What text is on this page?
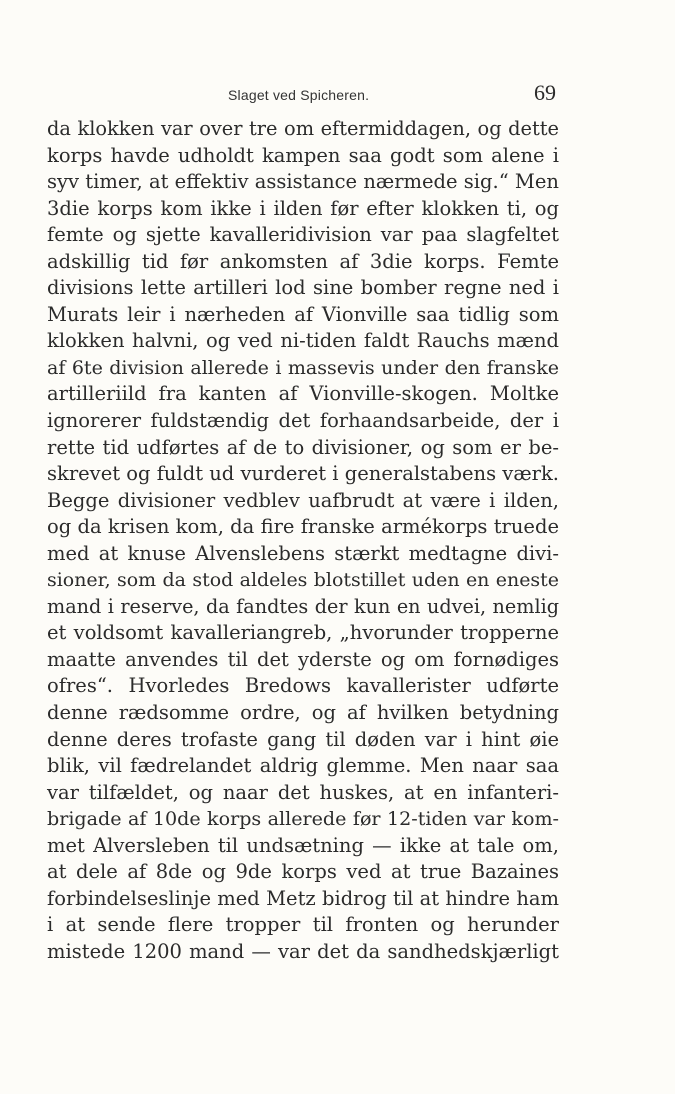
Slaget ved Spicheren.	69
da klokken var over tre om eftermiddagen, og dette
korps havde udholdt kampen saa godt som alene i
syv timer, at effektiv assistance nærmede sig.“ Men
3die korps kom ikke i ilden før efter klokken ti, og
femte og sjette kavalleridivision var paa slagfeltet
adskillig tid før ankomsten af 3die korps. Femte
divisions lette artilleri lod sine bomber regne ned i
Murats leir i nærheden af Vionville saa tidlig som
klokken halvni, og ved ni-tiden faldt Rauchs mænd
af 6te division allerede i massevis under den franske
artilleriild fra kanten af Vionville-skogen. Moltke
ignorerer fuldstændig det forhaandsarbeide, der i
rette tid udførtes af de to divisioner, og som er be-
skrevet og fuldt ud vurderet i generalstabens værk.
Begge divisioner vedblev uafbrudt at være i ilden,
og da krisen kom, da fire franske armékorps truede
med at knuse Alvenslebens stærkt medtagne divi-
sioner, som da stod aldeles blotstillet uden en eneste
mand i reserve, da fandtes der kun en udvei, nemlig
et voldsomt kavalleriangreb, „hvorunder tropperne
maatte anvendes til det yderste og om fornødiges
ofres“. Hvorledes Bredows kavallerister udførte
denne rædsomme ordre, og af hvilken betydning
denne deres trofaste gang til døden var i hint øie
blik, vil fædrelandet aldrig glemme. Men naar saa
var tilfældet, og naar det huskes, at en infanteri-
brigade af 10de korps allerede før 12-tiden var kom-
met Alversleben til undsætning — ikke at tale om,
at dele af 8de og 9de korps ved at true Bazaines
forbindelseslinje med Metz bidrog til at hindre ham
i at sende flere tropper til fronten og herunder
mistede 1200 mand — var det da sandhedskjærligt
